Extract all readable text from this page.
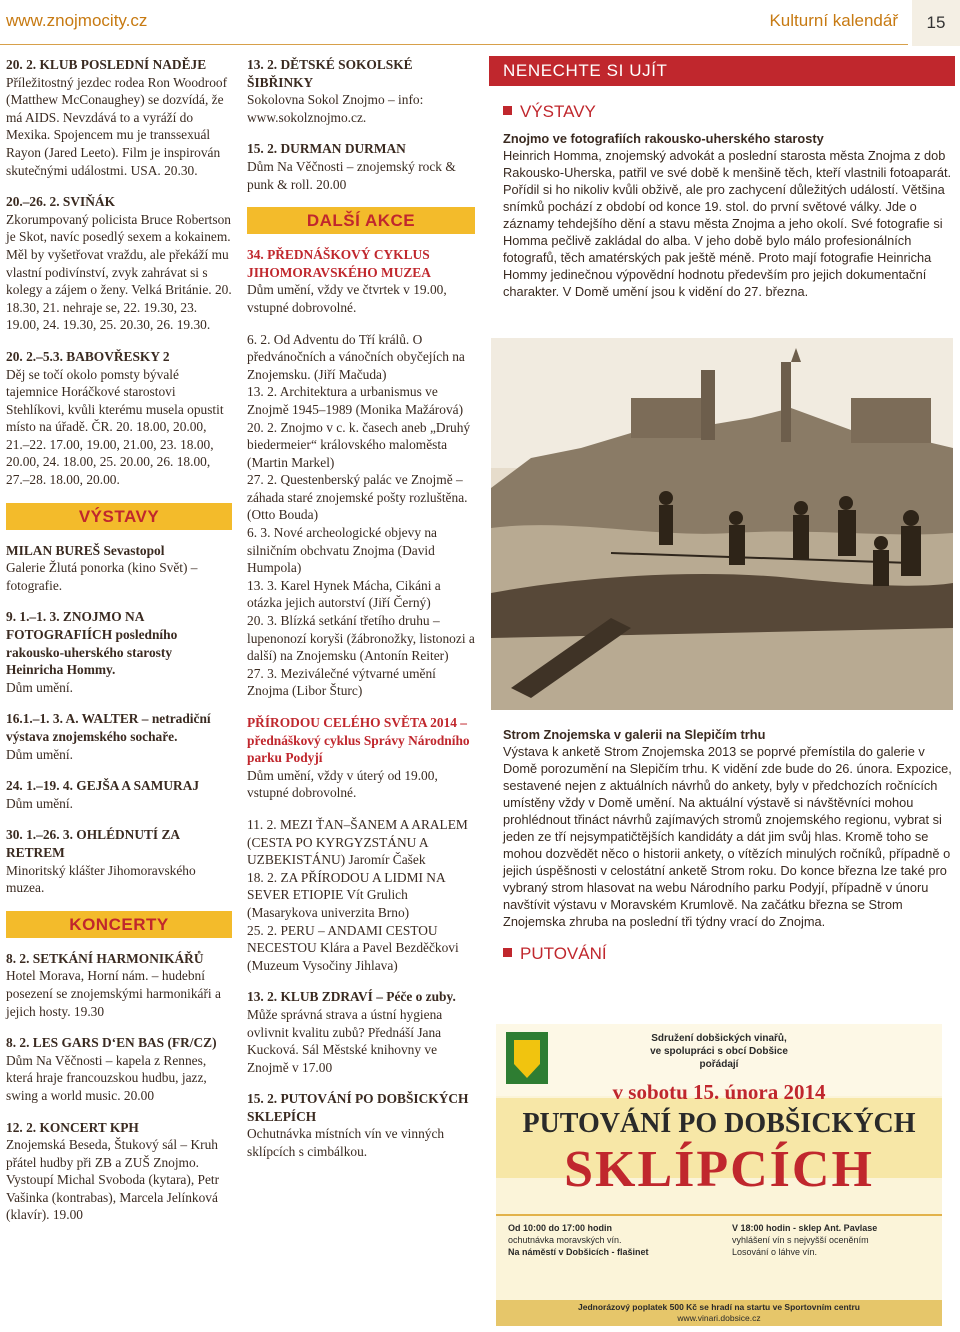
www.znojmocity.cz	Kulturní kalendář	15
20. 2. KLUB POSLEDNÍ NADĚJE
Příležitostný jezdec rodea Ron Woodroof (Matthew McConaughey) se dozvídá, že má AIDS. Nevzdává to a vyráží do Mexika. Spojencem mu je transsexuál Rayon (Jared Leeto). Film je inspirován skutečnými událostmi. USA. 20.30.
20.–26. 2. SVIŇÁK
Zkorumpovaný policista Bruce Robertson je Skot, navíc posedlý sexem a kokainem. Měl by vyšetřovat vraždu, ale překáží mu vlastní podivínství, zvyk zahrávat si s kolegy a zájem o ženy. Velká Británie. 20. 18.30, 21. nehraje se, 22. 19.30, 23. 19.00, 24. 19.30, 25. 20.30, 26. 19.30.
20. 2.–5.3. BABOVŘESKY 2
Děj se točí okolo pomsty bývalé tajemnice Horáčkové starostovi Stehlíkovi, kvůli kterému musela opustit místo na úřadě. ČR. 20. 18.00, 20.00, 21.–22. 17.00, 19.00, 21.00, 23. 18.00, 20.00, 24. 18.00, 25. 20.00, 26. 18.00, 27.–28. 18.00, 20.00.
VÝSTAVY
MILAN BUREŠ Sevastopol
Galerie Žlutá ponorka (kino Svět) – fotografie.
9. 1.–1. 3. ZNOJMO NA FOTOGRAFIÍCH posledního rakousko-uherského starosty Heinricha Hommy.
Dům umění.
16.1.–1. 3. A. WALTER – netradiční výstava znojemského sochaře.
Dům umění.
24. 1.–19. 4. GEJŠA A SAMURAJ
Dům umění.
30. 1.–26. 3. OHLÉDNUTÍ ZA RETREM
Minoritský klášter Jihomoravského muzea.
KONCERTY
8. 2. SETKÁNÍ HARMONIKÁŘŮ
Hotel Morava, Horní nám. – hudební posezení se znojemskými harmonikáři a jejich hosty. 19.30
8. 2. LES GARS D‘EN BAS (FR/CZ)
Dům Na Věčnosti – kapela z Rennes, která hraje francouzskou hudbu, jazz, swing a world music. 20.00
12. 2. KONCERT KPH
Znojemská Beseda, Štukový sál – Kruh přátel hudby při ZB a ZUŠ Znojmo. Vystoupí Michal Svoboda (kytara), Petr Vašinka (kontrabas), Marcela Jelínková (klavír). 19.00
13. 2. DĚTSKÉ SOKOLSKÉ ŠIBŘINKY
Sokolovna Sokol Znojmo – info: www.sokolznojmo.cz.
15. 2. DURMAN DURMAN
Dům Na Věčnosti – znojemský rock & punk & roll. 20.00
DALŠÍ AKCE
34. PŘEDNÁŠKOVÝ CYKLUS JIHOMORAVSKÉHO MUZEA
Dům umění, vždy ve čtvrtek v 19.00, vstupné dobrovolné.
6. 2. Od Adventu do Tří králů. O předvánočních a vánočních obyčejích na Znojemsku. (Jiří Mačuda)
13. 2. Architektura a urbanismus ve Znojmě 1945–1989 (Monika Mažárová)
20. 2. Znojmo v c. k. časech aneb „Druhý biedermeier“ královského maloměsta (Martin Markel)
27. 2. Questenberský palác ve Znojmě – záhada staré znojemské pošty rozluštěna. (Otto Bouda)
6. 3. Nové archeologické objevy na silničním obchvatu Znojma (David Humpola)
13. 3. Karel Hynek Mácha, Cikáni a otázka jejich autorství (Jiří Černý)
20. 3. Blízká setkání třetího druhu – lupenonozí koryši (žábronožky, listonozi a další) na Znojemsku (Antonín Reiter)
27. 3. Meziválečné výtvarné umění Znojma (Libor Šturc)
PŘÍRODOU CELÉHO SVĚTA 2014 – přednáškový cyklus Správy Národního parku Podyjí
Dům umění, vždy v úterý od 19.00, vstupné dobrovolné.
11. 2. MEZI ŤAN–ŠANEM A ARALEM (CESTA PO KYRGYZSTÁNU A UZBEKISTÁNU) Jaromír Čašek
18. 2. ZA PŘÍRODOU A LIDMI NA SEVER ETIOPIE Vít Grulich (Masarykova univerzita Brno)
25. 2. PERU – ANDAMI CESTOU NECESTOU Klára a Pavel Bezděčkovi (Muzeum Vysočiny Jihlava)
13. 2. KLUB ZDRAVÍ – Péče o zuby.
Může správná strava a ústní hygiena ovlivnit kvalitu zubů? Přednáší Jana Kucková. Sál Městské knihovny ve Znojmě v 17.00
15. 2. PUTOVÁNÍ PO DOBŠICKÝCH SKLEPÍCH
Ochutnávka místních vín ve vinných sklípcích s cimbálkou.
NENECHTE SI UJÍT
VÝSTAVY
Znojmo ve fotografiích rakousko-uherského starosty
Heinrich Homma, znojemský advokát a poslední starosta města Znojma z dob Rakousko-Uherska, patřil ve své době k menšině těch, kteří vlastnili fotoaparát. Pořídil si ho nikoliv kvůli obživě, ale pro zachycení důležitých událostí. Většina snímků pochází z období od konce 19. stol. do první světové války. Jde o záznamy tehdejšího dění a stavu města Znojma a jeho okolí. Své fotografie si Homma pečlivě zakládal do alba. V jeho době bylo málo profesionálních fotografů, těch amatérských pak ještě méně. Proto mají fotografie Heinricha Hommy jedinečnou výpovědní hodnotu především pro jejich dokumentační charakter. V Domě umění jsou k vidění do 27. března.
Strom Znojemska v galerii na Slepičím trhu
Výstava k anketě Strom Znojemska 2013 se poprvé přemístila do galerie v Domě porozumění na Slepičím trhu. K vidění zde bude do 26. února. Expozice, sestavené nejen z aktuálních návrhů do ankety, byly v předchozích ročnících umístěny vždy v Domě umění. Na aktuální výstavě si návštěvníci mohou prohlédnout třináct návrhů zajímavých stromů znojemského regionu, vybrat si jeden ze tří nejsympatičtějších kandidáty a dát jim svůj hlas. Kromě toho se mohou dozvědět něco o historii ankety, o vítězích minulých ročníků, případně o jejich úspěšnosti v celostátní anketě Strom roku. Do konce března lze také pro vybraný strom hlasovat na webu Národního parku Podyjí, případně v únoru navštívit výstavu v Moravském Krumlově. Na začátku března se Strom Znojemska zhruba na poslední tři týdny vrací do Znojma.
PUTOVÁNÍ
Sdružení dobšických vinařů,
ve spolupráci s obcí Dobšice
pořádají
v sobotu 15. února 2014
PUTOVÁNÍ PO DOBŠICKÝCH
SKLÍPCÍCH
Od 10:00 do 17:00 hodin
ochutnávka moravských vín.
Na náměstí v Dobšicích - flašinet
V 18:00 hodin - sklep Ant. Pavlase
vyhlášení vín s nejvyšší oceněním
Losování o láhve vín.
Jednorázový poplatek 500 Kč se hradí na startu ve Sportovním centru
www.vinari.dobsice.cz
